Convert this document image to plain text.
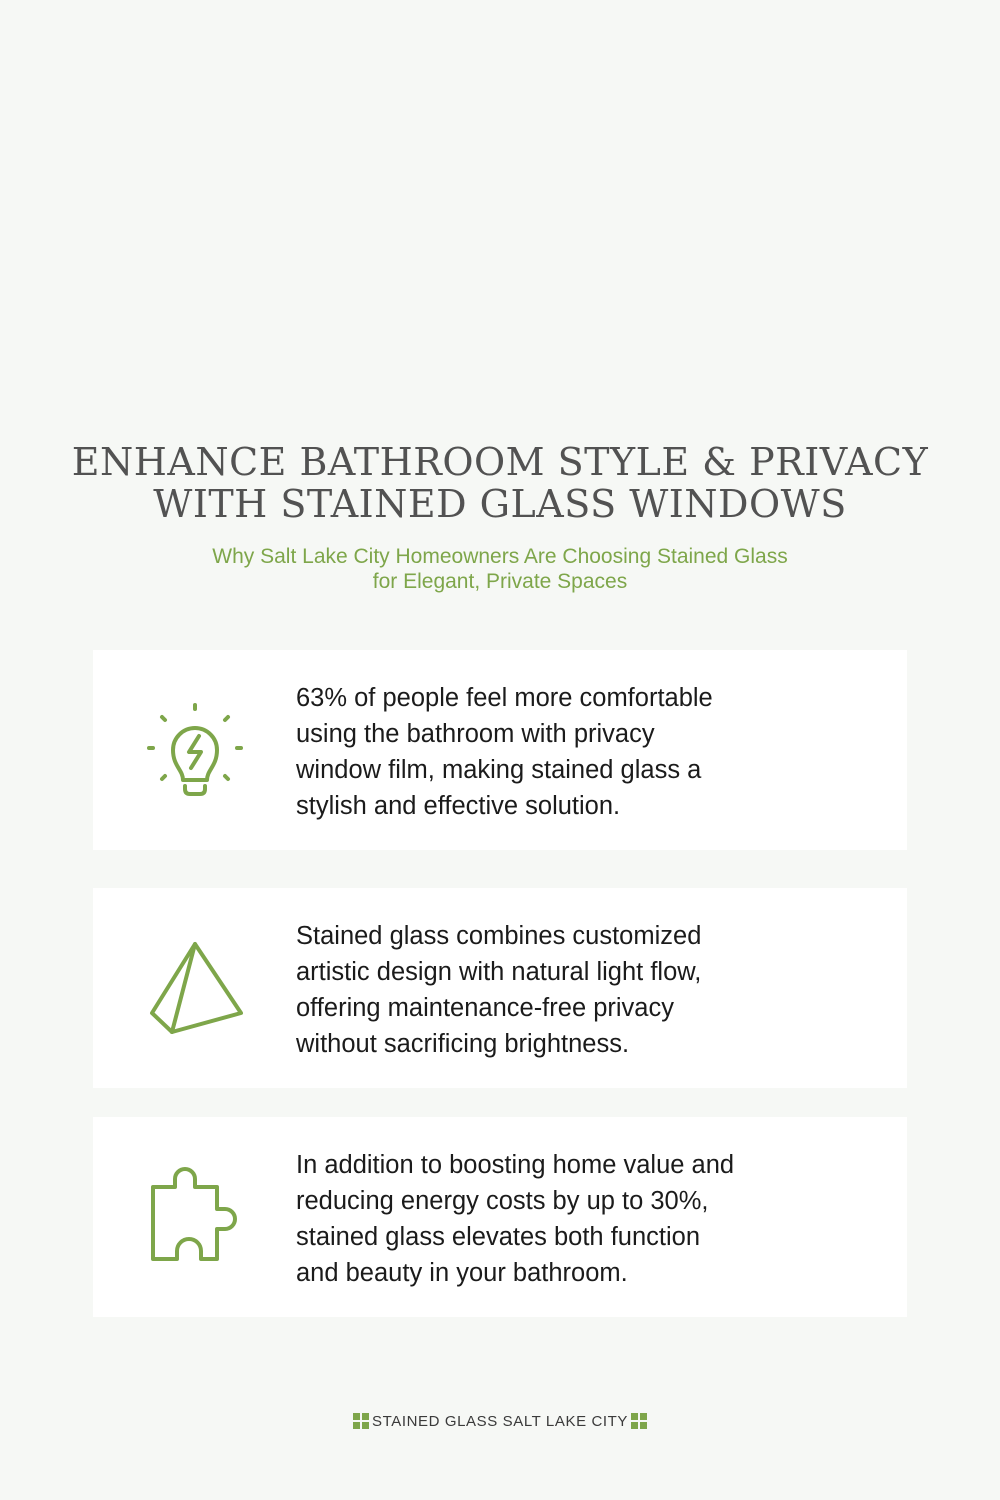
ENHANCE BATHROOM STYLE & PRIVACY
WITH STAINED GLASS WINDOWS

Why Salt Lake City Homeowners Are Choosing Stained Glass
for Elegant, Private Spaces

63% of people feel more comfortable
using the bathroom with privacy
window film, making stained glass a
stylish and effective solution.

Stained glass combines customized
artistic design with natural light flow,
offering maintenance-free privacy
without sacrificing brightness.

In addition to boosting home value and
reducing energy costs by up to 30%,
stained glass elevates both function
and beauty in your bathroom.

STAINED GLASS SALT LAKE CITY
